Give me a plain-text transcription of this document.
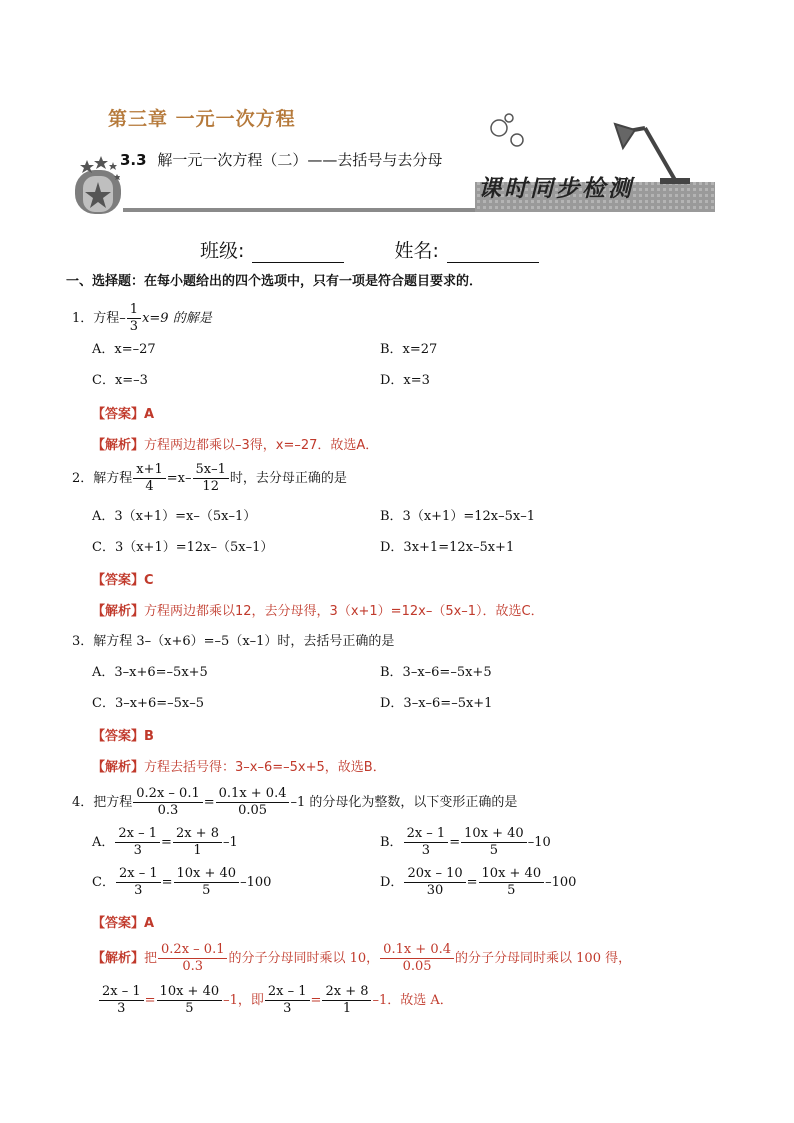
第三章 一元一次方程
3.3 解一元一次方程（二）——去括号与去分母
课时同步检测
班级:	姓名:
一、选择题：在每小题给出的四个选项中，只有一项是符合题目要求的．
1．方程– $\frac{1}{3} x=9$ 的解是
A．x=–27	B．x=27
C．x=–3	D．x=3
【答案】A
【解析】方程两边都乘以–3得，x=–27．故选A．
2．解方程 $\frac{x+1}{4} =x- \frac{5x-1}{12}$ 时，去分母正确的是
A．3（x+1）=x–（5x–1）	B．3（x+1）=12x–5x–1
C．3（x+1）=12x–（5x–1）	D．3x+1=12x–5x+1
【答案】C
【解析】方程两边都乘以12，去分母得，3（x+1）=12x–（5x–1）．故选C．
3．解方程 3–（x+6）=–5（x–1）时，去括号正确的是
A．3–x+6=–5x+5	B．3–x–6=–5x+5
C．3–x+6=–5x–5	D．3–x–6=–5x+1
【答案】B
【解析】方程去括号得：3–x–6=–5x+5，故选B．
4．把方程 $\frac{0.2x - 0.1}{0.3} = \frac{0.1x + 0.4}{0.05} -1$ 的分母化为整数，以下变形正确的是
A． $\frac{2x - 1}{3} = \frac{2x + 8}{1} -1$	B． $\frac{2x - 1}{3} = \frac{10x + 40}{5} -10$
C． $\frac{2x - 1}{3} = \frac{10x + 40}{5} -100$	D． $\frac{20x - 10}{30} = \frac{10x + 40}{5} -100$
【答案】A
【解析】把 $\frac{0.2x - 0.1}{0.3}$ 的分子分母同时乘以 10， $\frac{0.1x + 0.4}{0.05}$ 的分子分母同时乘以 100 得，
$\frac{2x - 1}{3} = \frac{10x + 40}{5} -1$，即 $\frac{2x - 1}{3} = \frac{2x + 8}{1} -1$．故选 A．
